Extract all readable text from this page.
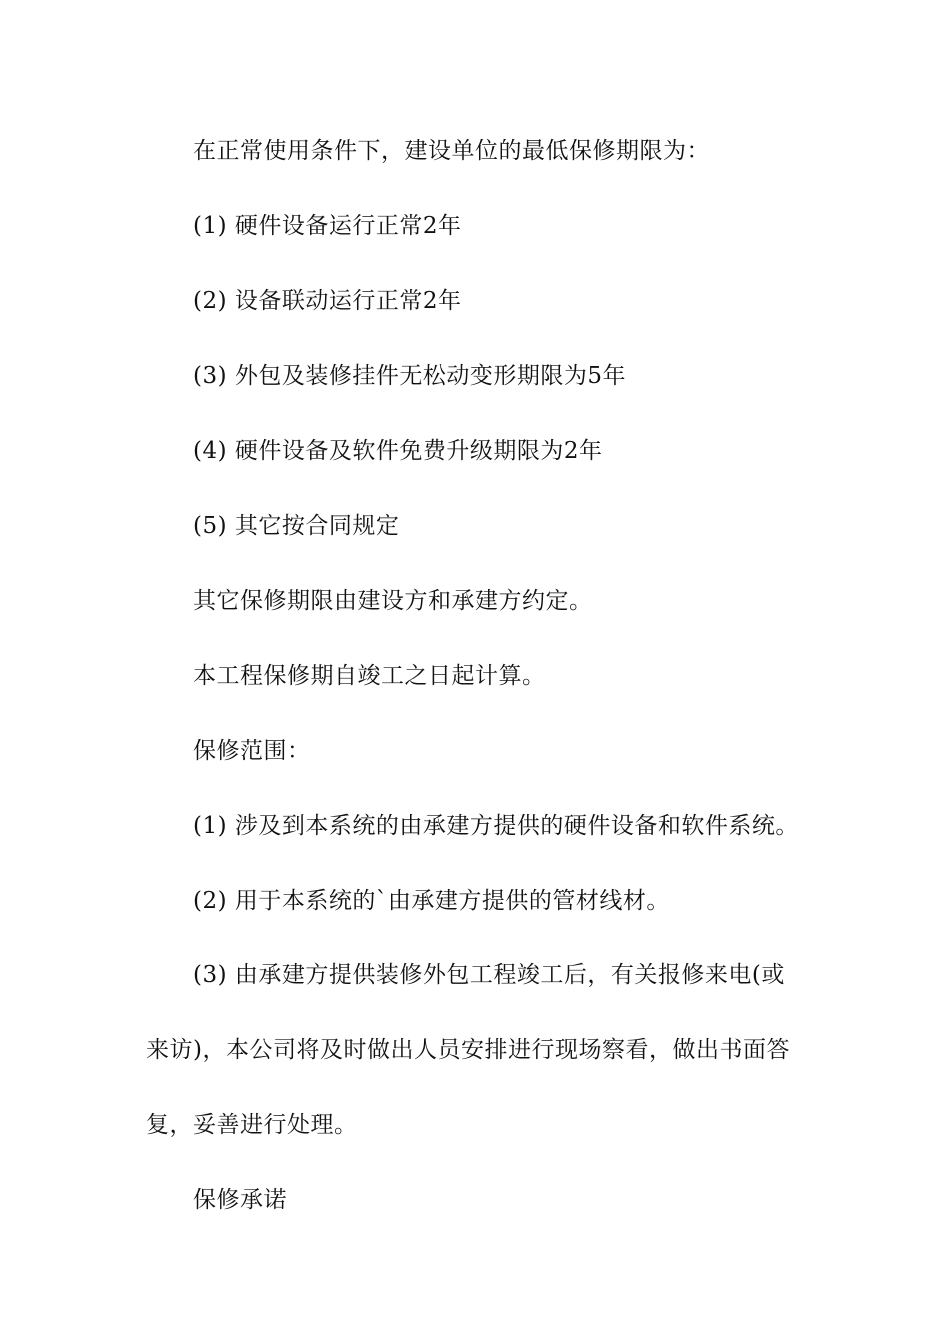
在正常使用条件下，建设单位的最低保修期限为：
(1) 硬件设备运行正常2年
(2) 设备联动运行正常2年
(3) 外包及装修挂件无松动变形期限为5年
(4) 硬件设备及软件免费升级期限为2年
(5) 其它按合同规定
其它保修期限由建设方和承建方约定。
本工程保修期自竣工之日起计算。
保修范围：
(1) 涉及到本系统的由承建方提供的硬件设备和软件系统。
(2) 用于本系统的`由承建方提供的管材线材。
(3) 由承建方提供装修外包工程竣工后，有关报修来电(或
来访)，本公司将及时做出人员安排进行现场察看，做出书面答
复，妥善进行处理。
保修承诺
